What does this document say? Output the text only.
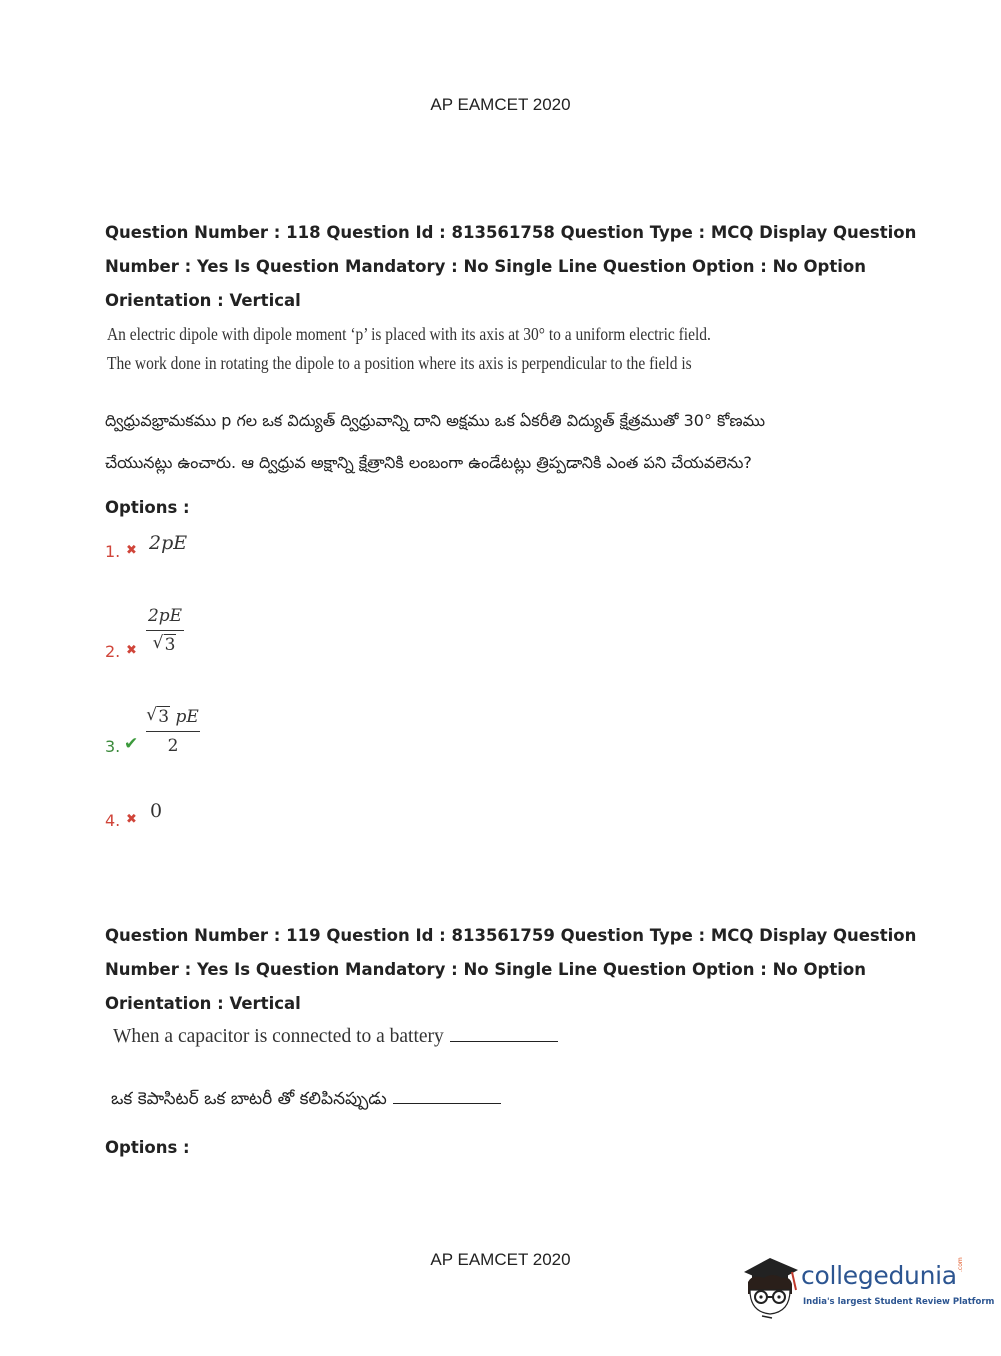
AP EAMCET 2020
Question Number : 118 Question Id : 813561758 Question Type : MCQ Display Question
Number : Yes Is Question Mandatory : No Single Line Question Option : No Option
Orientation : Vertical
An electric dipole with dipole moment ‘p’ is placed with its axis at 30° to a uniform electric field.
The work done in rotating the dipole to a position where its axis is perpendicular to the field is
ద్విధ్రువభ్రామకము p గల ఒక విద్యుత్ ద్విధ్రువాన్ని దాని అక్షము ఒక ఏకరీతి విద్యుత్ క్షేత్రముతో 30° కోణము
చేయునట్లు ఉంచారు. ఆ ద్విధ్రువ అక్షాన్ని క్షేత్రానికి లంబంగా ఉండేటట్లు త్రిప్పడానికి ఎంత పని చేయవలెను?
Options :
1. ✖ 2pE
2. ✖
2pE
√ 3
3. ✔
√ 3 pE
2
4. ✖ 0
Question Number : 119 Question Id : 813561759 Question Type : MCQ Display Question
Number : Yes Is Question Mandatory : No Single Line Question Option : No Option
Orientation : Vertical
When a capacitor is connected to a battery
ఒక కెపాసిటర్ ఒక బాటరీ తో కలిపినప్పుడు
Options :
AP EAMCET 2020
collegedunia .com
India's largest Student Review Platform
